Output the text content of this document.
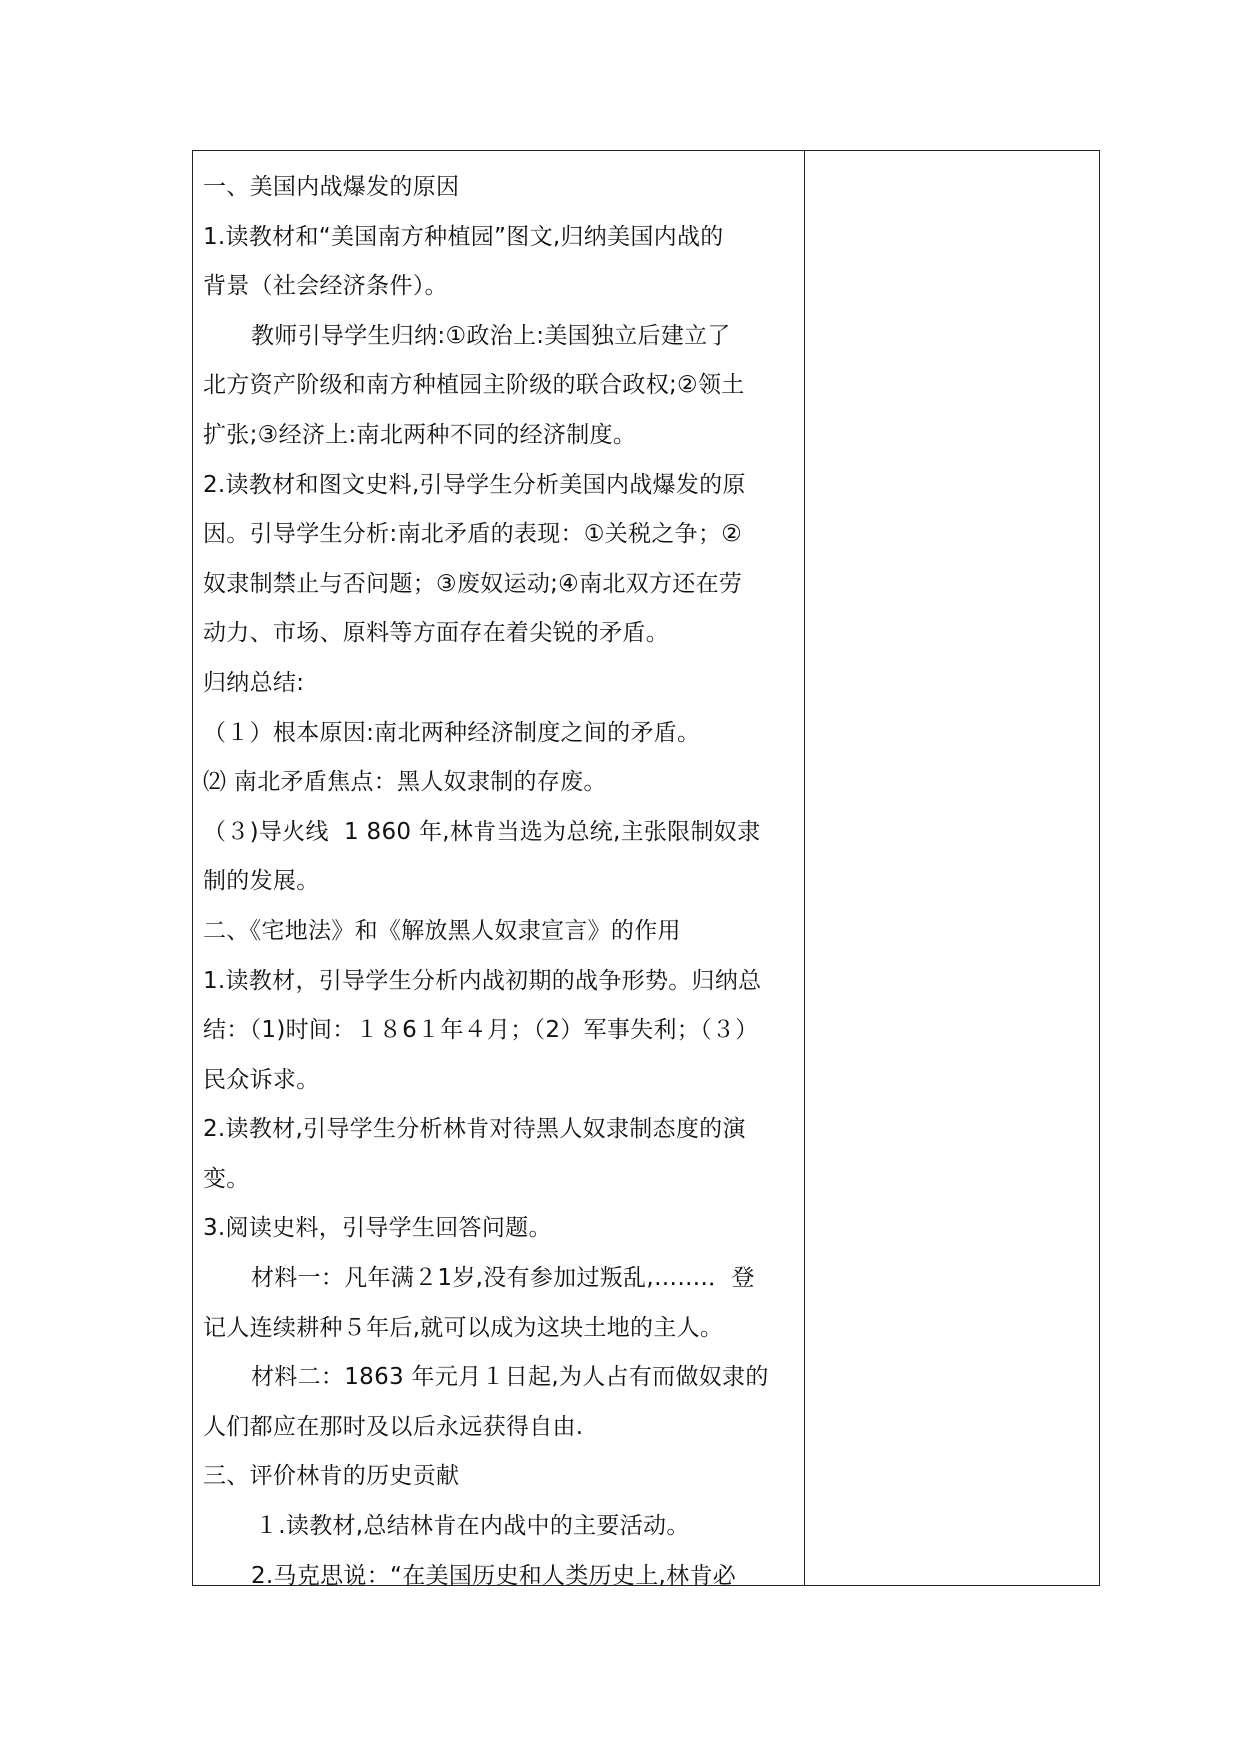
一、美国内战爆发的原因
1.读教材和“美国南方种植园”图文,归纳美国内战的
背景（社会经济条件）。
教师引导学生归纳:①政治上:美国独立后建立了
北方资产阶级和南方种植园主阶级的联合政权;②领土
扩张;③经济上:南北两种不同的经济制度。
2.读教材和图文史料,引导学生分析美国内战爆发的原
因。引导学生分析:南北矛盾的表现：①关税之争；②
奴隶制禁止与否问题；③废奴运动;④南北双方还在劳
动力、市场、原料等方面存在着尖锐的矛盾。
归纳总结:
（１）根本原因:南北两种经济制度之间的矛盾。
⑵ 南北矛盾焦点：黑人奴隶制的存废。
（３)导火线  1 860 年,林肯当选为总统,主张限制奴隶
制的发展。
二、《宅地法》和《解放黑人奴隶宣言》的作用
1.读教材，引导学生分析内战初期的战争形势。归纳总
结：（1)时间：１８6１年４月；（2）军事失利；（３）
民众诉求。
2.读教材,引导学生分析林肯对待黑人奴隶制态度的演
变。
3.阅读史料，引导学生回答问题。
材料一：凡年满２1岁,没有参加过叛乱,…….．登
记人连续耕种５年后,就可以成为这块土地的主人。
材料二：1863 年元月１日起,为人占有而做奴隶的
人们都应在那时及以后永远获得自由.
三、评价林肯的历史贡献
１.读教材,总结林肯在内战中的主要活动。
2.马克思说：“在美国历史和人类历史上,林肯必
